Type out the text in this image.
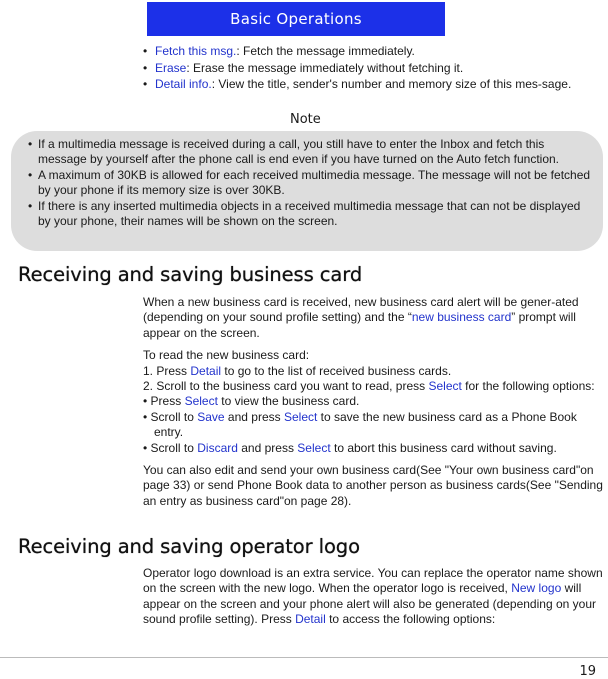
Basic Operations
• Fetch this msg.: Fetch the message immediately.
• Erase: Erase the message immediately without fetching it.
• Detail info.: View the title, sender's number and memory size of this mes-sage.
Note
• If a multimedia message is received during a call, you still have to enter the Inbox and fetch this message by yourself after the phone call is end even if you have turned on the Auto fetch function.
• A maximum of 30KB is allowed for each received multimedia message. The message will not be fetched by your phone if its memory size is over 30KB.
• If there is any inserted multimedia objects in a received multimedia message that can not be displayed by your phone, their names will be shown on the screen.
Receiving and saving business card

When a new business card is received, new business card alert will be gener-ated (depending on your sound profile setting) and the “new business card” prompt will appear on the screen.

To read the new business card:

1. Press Detail to go to the list of received business cards.

2. Scroll to the business card you want to read, press Select for the following options:

• Press Select to view the business card.

• Scroll to Save and press Select to save the new business card as a Phone Book entry.

• Scroll to Discard and press Select to abort this business card without saving.

You can also edit and send your own business card(See "Your own business card"on page 33) or send Phone Book data to another person as business cards(See "Sending an entry as business card"on page 28).

Receiving and saving operator logo

Operator logo download is an extra service. You can replace the operator name shown on the screen with the new logo. When the operator logo is received, New logo will appear on the screen and your phone alert will also be generated (depending on your sound profile setting). Press Detail to access the following options:

19
